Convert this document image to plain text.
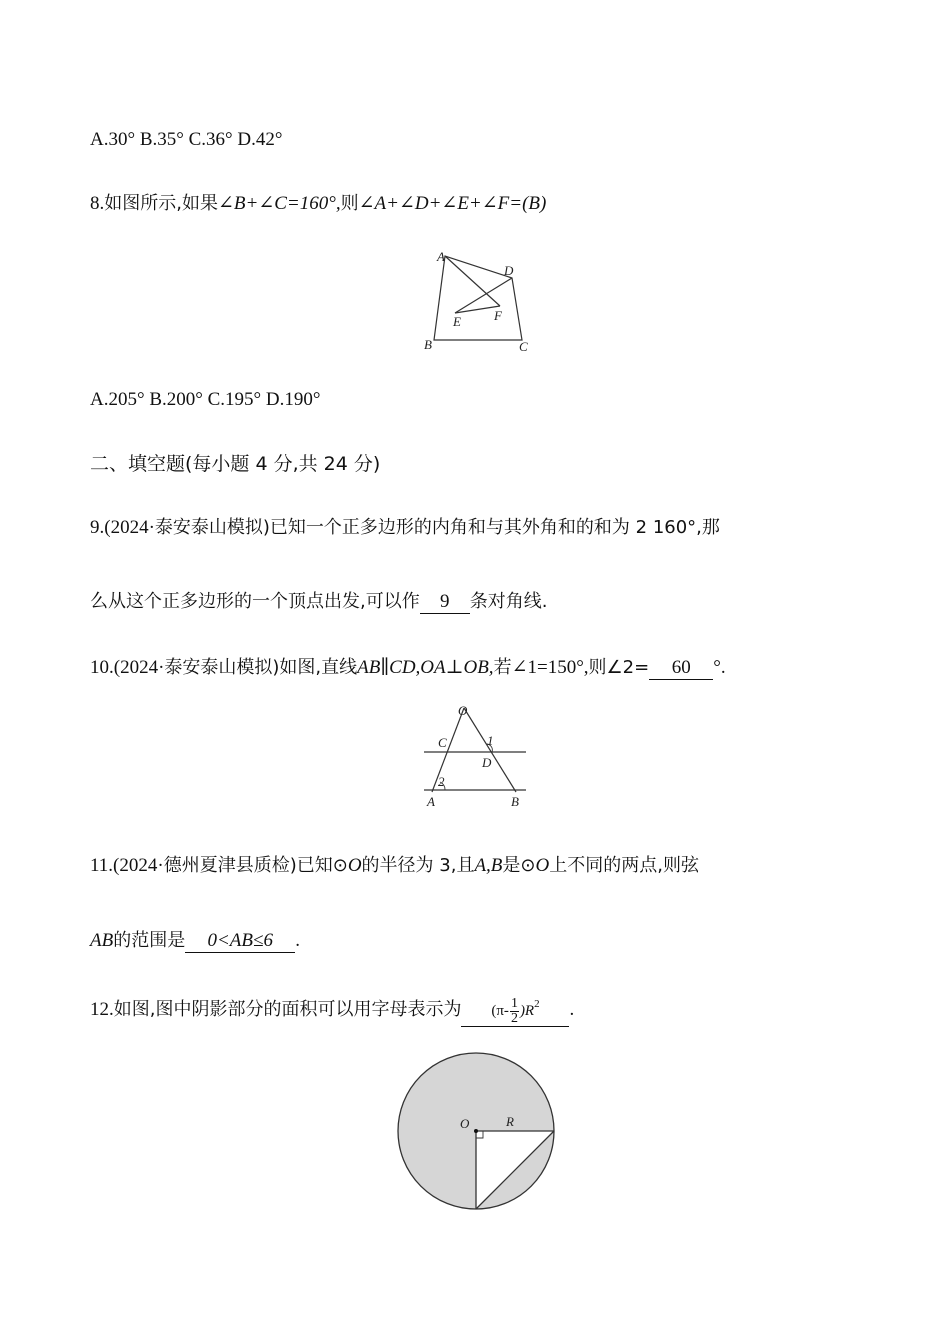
A.30° B.35° C.36° D.42°
8.如图所示,如果∠B+∠C=160°,则∠A+∠D+∠E+∠F=(B)
A
B	C
D
E	F
A.205° B.200° C.195° D.190°
二、填空题(每小题 4 分,共 24 分)
9.(2024·泰安泰山模拟)已知一个正多边形的内角和与其外角和的和为 2 160°,那
么从这个正多边形的一个顶点出发,可以作 9 条对角线.
10.(2024·泰安泰山模拟)如图,直线AB∥CD,OA⊥OB,若∠1=150°,则∠2= 60 °.
O
C
D
A	B
1
2
11.(2024·德州夏津县质检)已知⊙O的半径为 3,且A,B是⊙O上不同的两点,则弦
AB的范围是 0<AB≤6 .
12.如图,图中阴影部分的面积可以用字母表示为 $(\pi- \frac{1}{2} )R^2$ .
O	R
